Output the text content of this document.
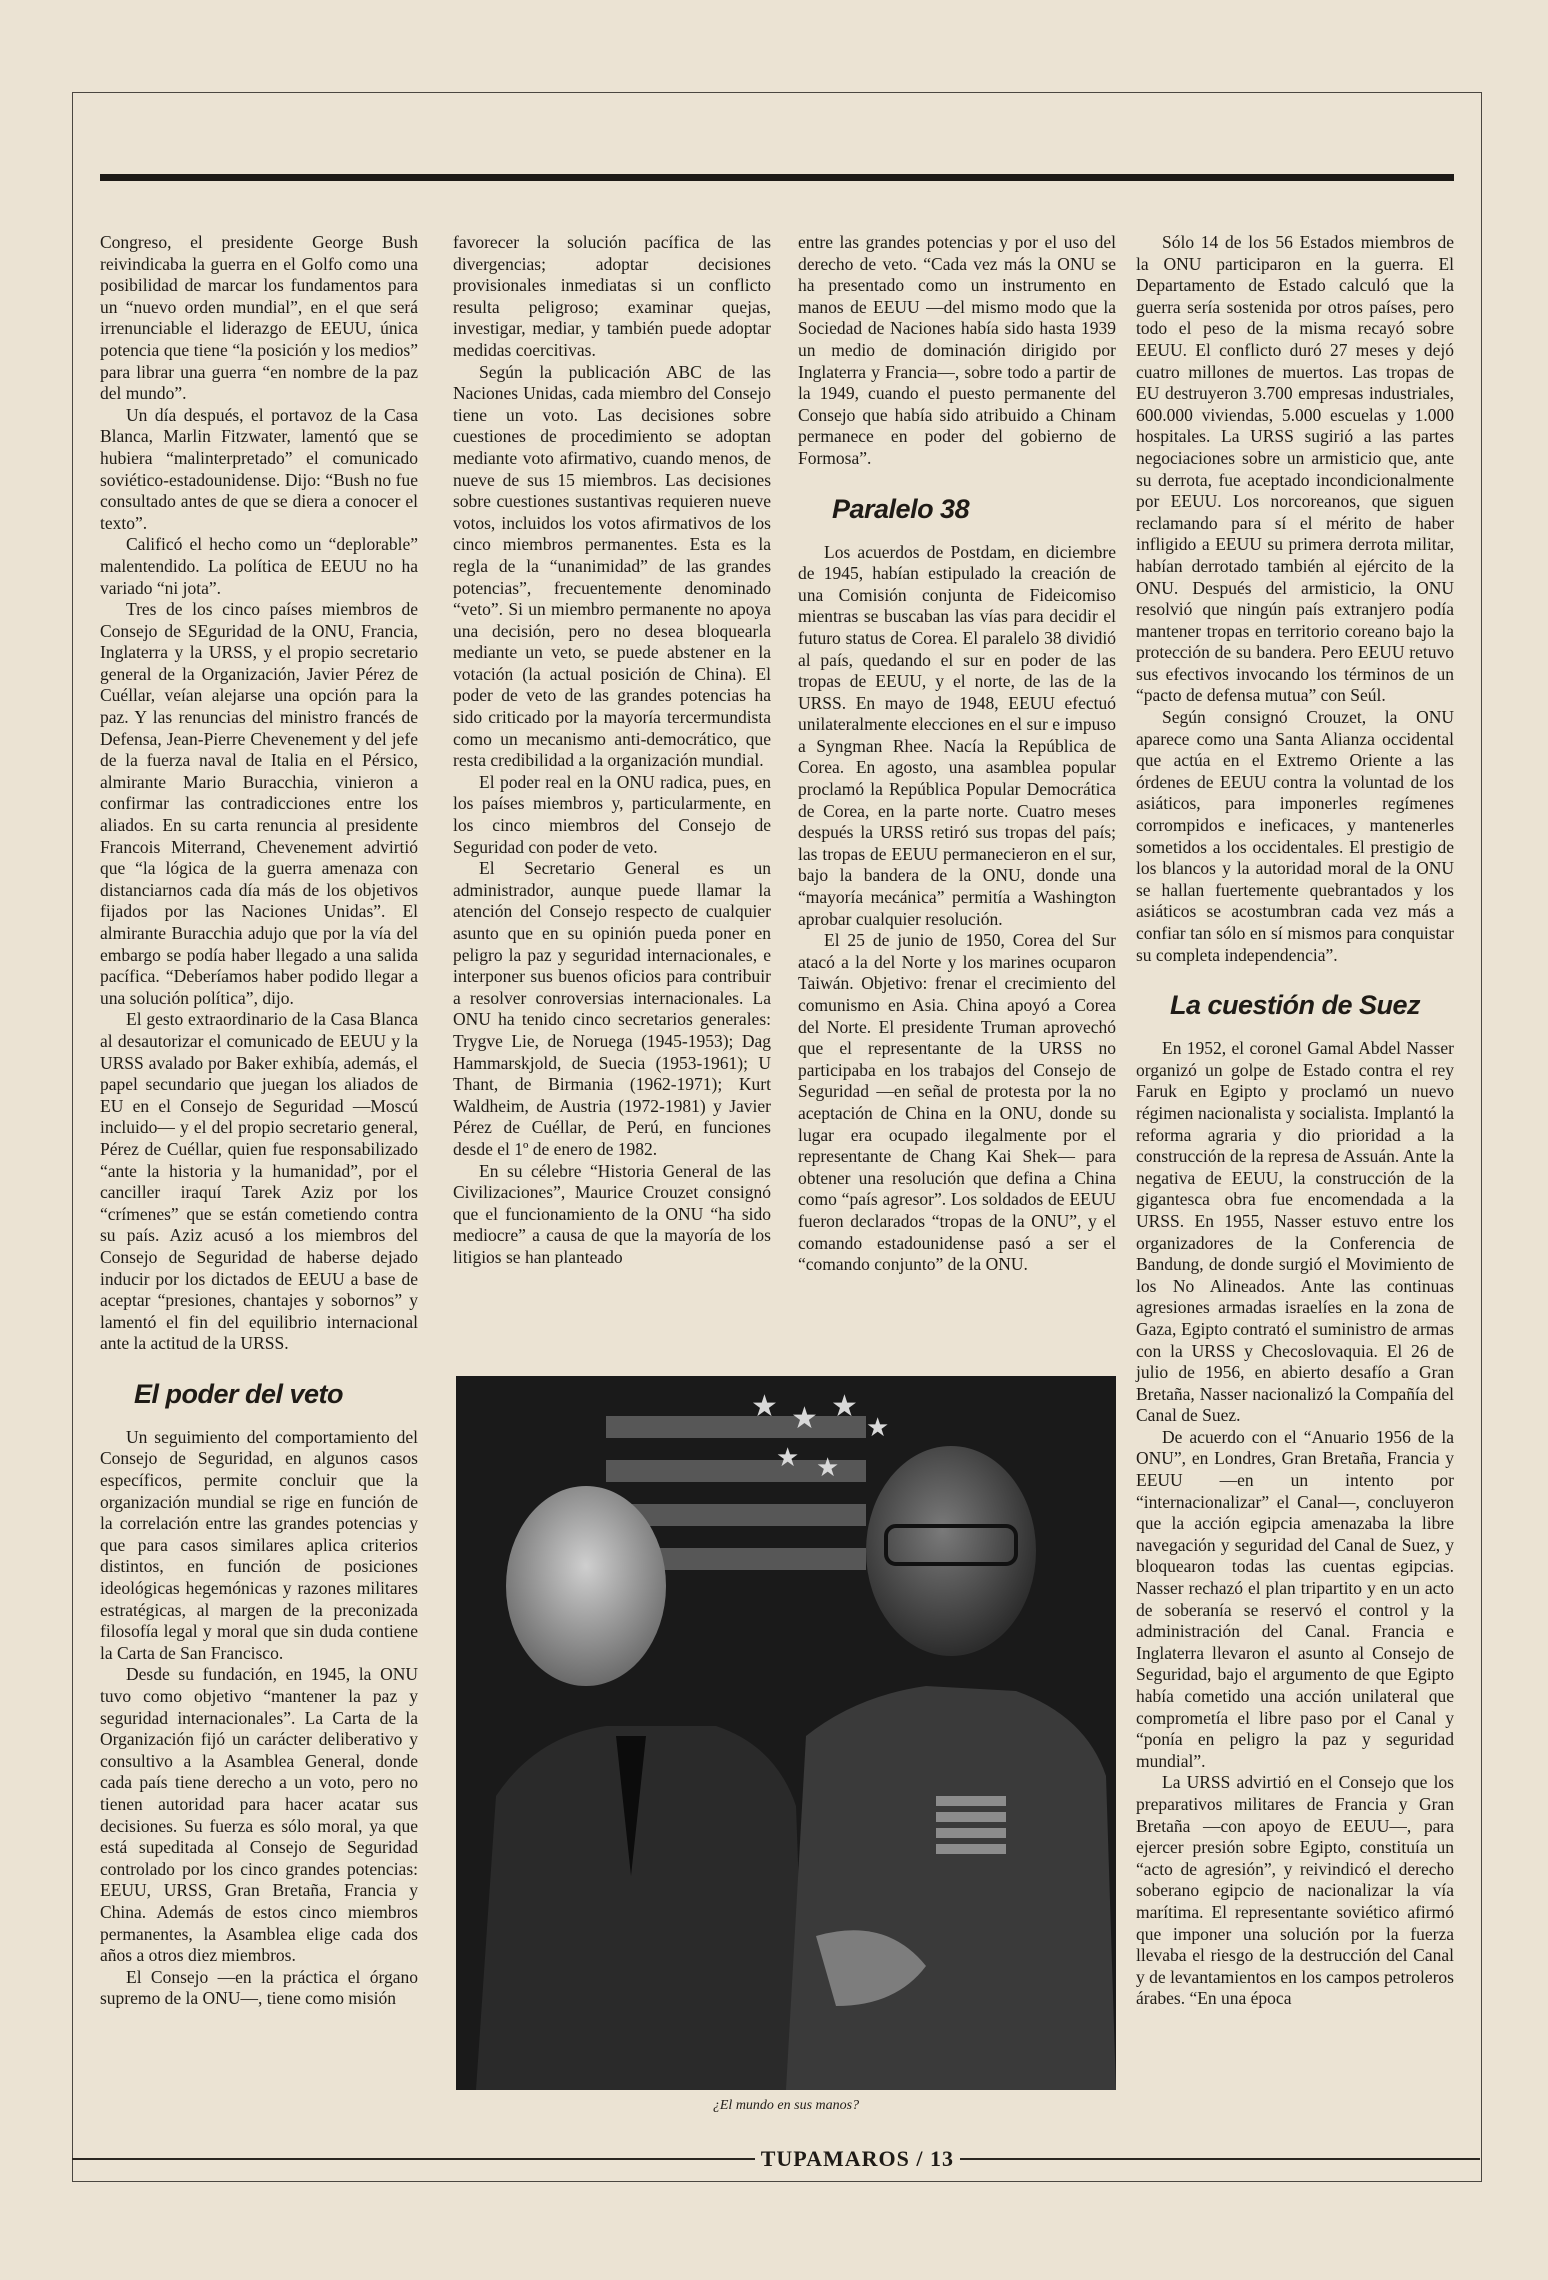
Congreso, el presidente George Bush reivindicaba la guerra en el Golfo como una posibilidad de marcar los fundamentos para un “nuevo orden mundial”, en el que será irrenunciable el liderazgo de EEUU, única potencia que tiene “la posición y los medios” para librar una guerra “en nombre de la paz del mundo”.

Un día después, el portavoz de la Casa Blanca, Marlin Fitzwater, lamentó que se hubiera “malinterpretado” el comunicado soviético-estadounidense. Dijo: “Bush no fue consultado antes de que se diera a conocer el texto”.

Calificó el hecho como un “deplorable” malentendido. La política de EEUU no ha variado “ni jota”.

Tres de los cinco países miembros de Consejo de SEguridad de la ONU, Francia, Inglaterra y la URSS, y el propio secretario general de la Organización, Javier Pérez de Cuéllar, veían alejarse una opción para la paz. Y las renuncias del ministro francés de Defensa, Jean-Pierre Chevenement y del jefe de la fuerza naval de Italia en el Pérsico, almirante Mario Buracchia, vinieron a confirmar las contradicciones entre los aliados. En su carta renuncia al presidente Francois Miterrand, Chevenement advirtió que “la lógica de la guerra amenaza con distanciarnos cada día más de los objetivos fijados por las Naciones Unidas”. El almirante Buracchia adujo que por la vía del embargo se podía haber llegado a una salida pacífica. “Deberíamos haber podido llegar a una solución política”, dijo.

El gesto extraordinario de la Casa Blanca al desautorizar el comunicado de EEUU y la URSS avalado por Baker exhibía, además, el papel secundario que juegan los aliados de EU en el Consejo de Seguridad —Moscú incluido— y el del propio secretario general, Pérez de Cuéllar, quien fue responsabilizado “ante la historia y la humanidad”, por el canciller iraquí Tarek Aziz por los “crímenes” que se están cometiendo contra su país. Aziz acusó a los miembros del Consejo de Seguridad de haberse dejado inducir por los dictados de EEUU a base de aceptar “presiones, chantajes y sobornos” y lamentó el fin del equilibrio internacional ante la actitud de la URSS.

El poder del veto

Un seguimiento del comportamiento del Consejo de Seguridad, en algunos casos específicos, permite concluir que la organización mundial se rige en función de la correlación entre las grandes potencias y que para casos similares aplica criterios distintos, en función de posiciones ideológicas hegemónicas y razones militares estratégicas, al margen de la preconizada filosofía legal y moral que sin duda contiene la Carta de San Francisco.

Desde su fundación, en 1945, la ONU tuvo como objetivo “mantener la paz y seguridad internacionales”. La Carta de la Organización fijó un carácter deliberativo y consultivo a la Asamblea General, donde cada país tiene derecho a un voto, pero no tienen autoridad para hacer acatar sus decisiones. Su fuerza es sólo moral, ya que está supeditada al Consejo de Seguridad controlado por los cinco grandes potencias: EEUU, URSS, Gran Bretaña, Francia y China. Además de estos cinco miembros permanentes, la Asamblea elige cada dos años a otros diez miembros.

El Consejo —en la práctica el órgano supremo de la ONU—, tiene como misión

favorecer la solución pacífica de las divergencias; adoptar decisiones provisionales inmediatas si un conflicto resulta peligroso; examinar quejas, investigar, mediar, y también puede adoptar medidas coercitivas.

Según la publicación ABC de las Naciones Unidas, cada miembro del Consejo tiene un voto. Las decisiones sobre cuestiones de procedimiento se adoptan mediante voto afirmativo, cuando menos, de nueve de sus 15 miembros. Las decisiones sobre cuestiones sustantivas requieren nueve votos, incluidos los votos afirmativos de los cinco miembros permanentes. Esta es la regla de la “unanimidad” de las grandes potencias”, frecuentemente denominado “veto”. Si un miembro permanente no apoya una decisión, pero no desea bloquearla mediante un veto, se puede abstener en la votación (la actual posición de China). El poder de veto de las grandes potencias ha sido criticado por la mayoría tercermundista como un mecanismo anti-democrático, que resta credibilidad a la organización mundial.

El poder real en la ONU radica, pues, en los países miembros y, particularmente, en los cinco miembros del Consejo de Seguridad con poder de veto.

El Secretario General es un administrador, aunque puede llamar la atención del Consejo respecto de cualquier asunto que en su opinión pueda poner en peligro la paz y seguridad internacionales, e interponer sus buenos oficios para contribuir a resolver conroversias internacionales. La ONU ha tenido cinco secretarios generales: Trygve Lie, de Noruega (1945-1953); Dag Hammarskjold, de Suecia (1953-1961); U Thant, de Birmania (1962-1971); Kurt Waldheim, de Austria (1972-1981) y Javier Pérez de Cuéllar, de Perú, en funciones desde el 1º de enero de 1982.

En su célebre “Historia General de las Civilizaciones”, Maurice Crouzet consignó que el funcionamiento de la ONU “ha sido mediocre” a causa de que la mayoría de los litigios se han planteado

entre las grandes potencias y por el uso del derecho de veto. “Cada vez más la ONU se ha presentado como un instrumento en manos de EEUU —del mismo modo que la Sociedad de Naciones había sido hasta 1939 un medio de dominación dirigido por Inglaterra y Francia—, sobre todo a partir de la 1949, cuando el puesto permanente del Consejo que había sido atribuido a Chinam permanece en poder del gobierno de Formosa”.

Paralelo 38

Los acuerdos de Postdam, en diciembre de 1945, habían estipulado la creación de una Comisión conjunta de Fideicomiso mientras se buscaban las vías para decidir el futuro status de Corea. El paralelo 38 dividió al país, quedando el sur en poder de las tropas de EEUU, y el norte, de las de la URSS. En mayo de 1948, EEUU efectuó unilateralmente elecciones en el sur e impuso a Syngman Rhee. Nacía la República de Corea. En agosto, una asamblea popular proclamó la República Popular Democrática de Corea, en la parte norte. Cuatro meses después la URSS retiró sus tropas del país; las tropas de EEUU permanecieron en el sur, bajo la bandera de la ONU, donde una “mayoría mecánica” permitía a Washington aprobar cualquier resolución.

El 25 de junio de 1950, Corea del Sur atacó a la del Norte y los marines ocuparon Taiwán. Objetivo: frenar el crecimiento del comunismo en Asia. China apoyó a Corea del Norte. El presidente Truman aprovechó que el representante de la URSS no participaba en los trabajos del Consejo de Seguridad —en señal de protesta por la no aceptación de China en la ONU, donde su lugar era ocupado ilegalmente por el representante de Chang Kai Shek— para obtener una resolución que defina a China como “país agresor”. Los soldados de EEUU fueron declarados “tropas de la ONU”, y el comando estadounidense pasó a ser el “comando conjunto” de la ONU.

Sólo 14 de los 56 Estados miembros de la ONU participaron en la guerra. El Departamento de Estado calculó que la guerra sería sostenida por otros países, pero todo el peso de la misma recayó sobre EEUU. El conflicto duró 27 meses y dejó cuatro millones de muertos. Las tropas de EU destruyeron 3.700 empresas industriales, 600.000 viviendas, 5.000 escuelas y 1.000 hospitales. La URSS sugirió a las partes negociaciones sobre un armisticio que, ante su derrota, fue aceptado incondicionalmente por EEUU. Los norcoreanos, que siguen reclamando para sí el mérito de haber infligido a EEUU su primera derrota militar, habían derrotado también al ejército de la ONU. Después del armisticio, la ONU resolvió que ningún país extranjero podía mantener tropas en territorio coreano bajo la protección de su bandera. Pero EEUU retuvo sus efectivos invocando los términos de un “pacto de defensa mutua” con Seúl.

Según consignó Crouzet, la ONU aparece como una Santa Alianza occidental que actúa en el Extremo Oriente a las órdenes de EEUU contra la voluntad de los asiáticos, para imponerles regímenes corrompidos e ineficaces, y mantenerles sometidos a los occidentales. El prestigio de los blancos y la autoridad moral de la ONU se hallan fuertemente quebrantados y los asiáticos se acostumbran cada vez más a confiar tan sólo en sí mismos para conquistar su completa independencia”.

La cuestión de Suez

En 1952, el coronel Gamal Abdel Nasser organizó un golpe de Estado contra el rey Faruk en Egipto y proclamó un nuevo régimen nacionalista y socialista. Implantó la reforma agraria y dio prioridad a la construcción de la represa de Assuán. Ante la negativa de EEUU, la construcción de la gigantesca obra fue encomendada a la URSS. En 1955, Nasser estuvo entre los organizadores de la Conferencia de Bandung, de donde surgió el Movimiento de los No Alineados. Ante las continuas agresiones armadas israelíes en la zona de Gaza, Egipto contrató el suministro de armas con la URSS y Checoslovaquia. El 26 de julio de 1956, en abierto desafío a Gran Bretaña, Nasser nacionalizó la Compañía del Canal de Suez.

De acuerdo con el “Anuario 1956 de la ONU”, en Londres, Gran Bretaña, Francia y EEUU —en un intento por “internacionalizar” el Canal—, concluyeron que la acción egipcia amenazaba la libre navegación y seguridad del Canal de Suez, y bloquearon todas las cuentas egipcias. Nasser rechazó el plan tripartito y en un acto de soberanía se reservó el control y la administración del Canal. Francia e Inglaterra llevaron el asunto al Consejo de Seguridad, bajo el argumento de que Egipto había cometido una acción unilateral que comprometía el libre paso por el Canal y “ponía en peligro la paz y seguridad mundial”.

La URSS advirtió en el Consejo que los preparativos militares de Francia y Gran Bretaña —con apoyo de EEUU—, para ejercer presión sobre Egipto, constituía un “acto de agresión”, y reivindicó el derecho soberano egipcio de nacionalizar la vía marítima. El representante soviético afirmó que imponer una solución por la fuerza llevaba el riesgo de la destrucción del Canal y de levantamientos en los campos petroleros árabes. “En una época

★ ★ ★
★
★ ★
¿El mundo en sus manos?
TUPAMAROS / 13
